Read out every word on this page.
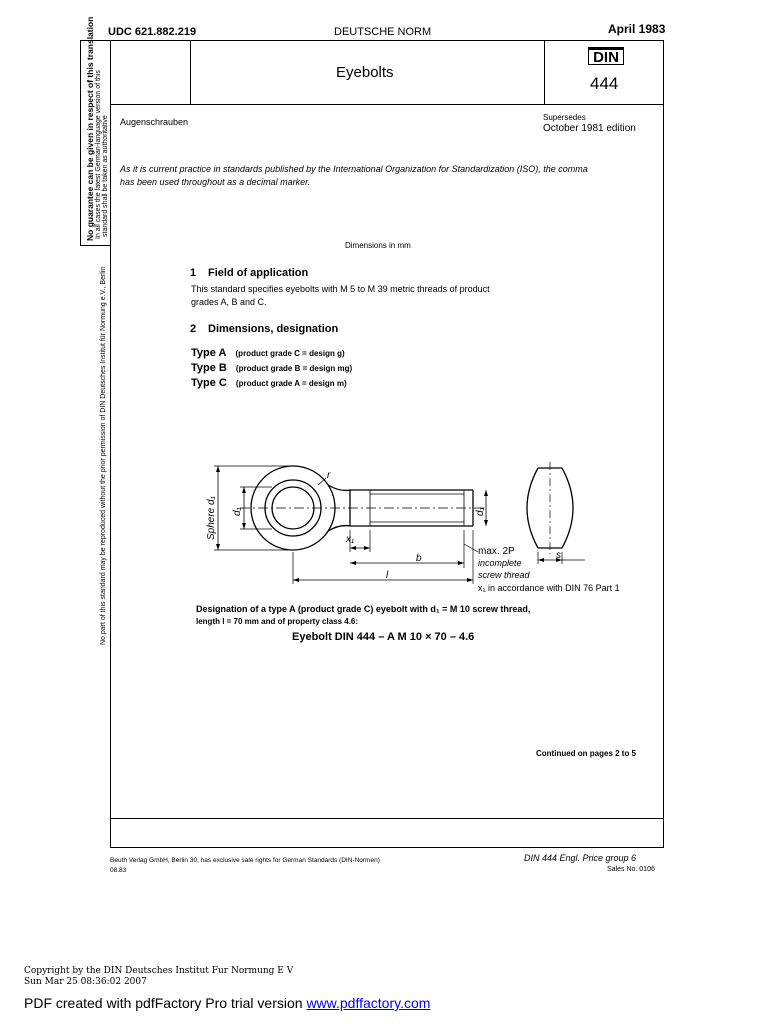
UDC 621.882.219	DEUTSCHE NORM	April 1983
No guarantee can be given in respect of this translation In all cases the latest German-language version of this standard shall be taken as authoritative
No part of this standard may be reproduced without the prior permission of DIN Deutsches Institut für Normung e.V., Berlin
Eyebolts
DIN
444
Augenschrauben	Supersedes
October 1981 edition
As it is current practice in standards published by the International Organization for Standardization (ISO), the comma
has been used throughout as a decimal marker.
Dimensions in mm
1 Field of application
This standard specifies eyebolts with M 5 to M 39 metric threads of product
grades A, B and C.
2 Dimensions, designation
Type A (product grade C = design g)
Type B (product grade B = design mg)
Type C (product grade A = design m)
r
Sphere d₁ d₁	d₁
x₁
b
l
s
max. 2P
incomplete
screw thread
x₁ in accordance with DIN 76 Part 1
Designation of a type A (product grade C) eyebolt with d₁ = M 10 screw thread,
length l = 70 mm and of property class 4.6:
Eyebolt DIN 444 – A M 10 × 70 – 4.6
Continued on pages 2 to 5
Beuth Verlag GmbH, Berlin 30, has exclusive sale rights for German Standards (DIN-Normen)
08.83
DIN 444 Engl. Price group 6
Sales No. 0106
Copyright by the DIN Deutsches Institut Fur Normung E V
Sun Mar 25 08:36:02 2007
PDF created with pdfFactory Pro trial version www.pdffactory.com
